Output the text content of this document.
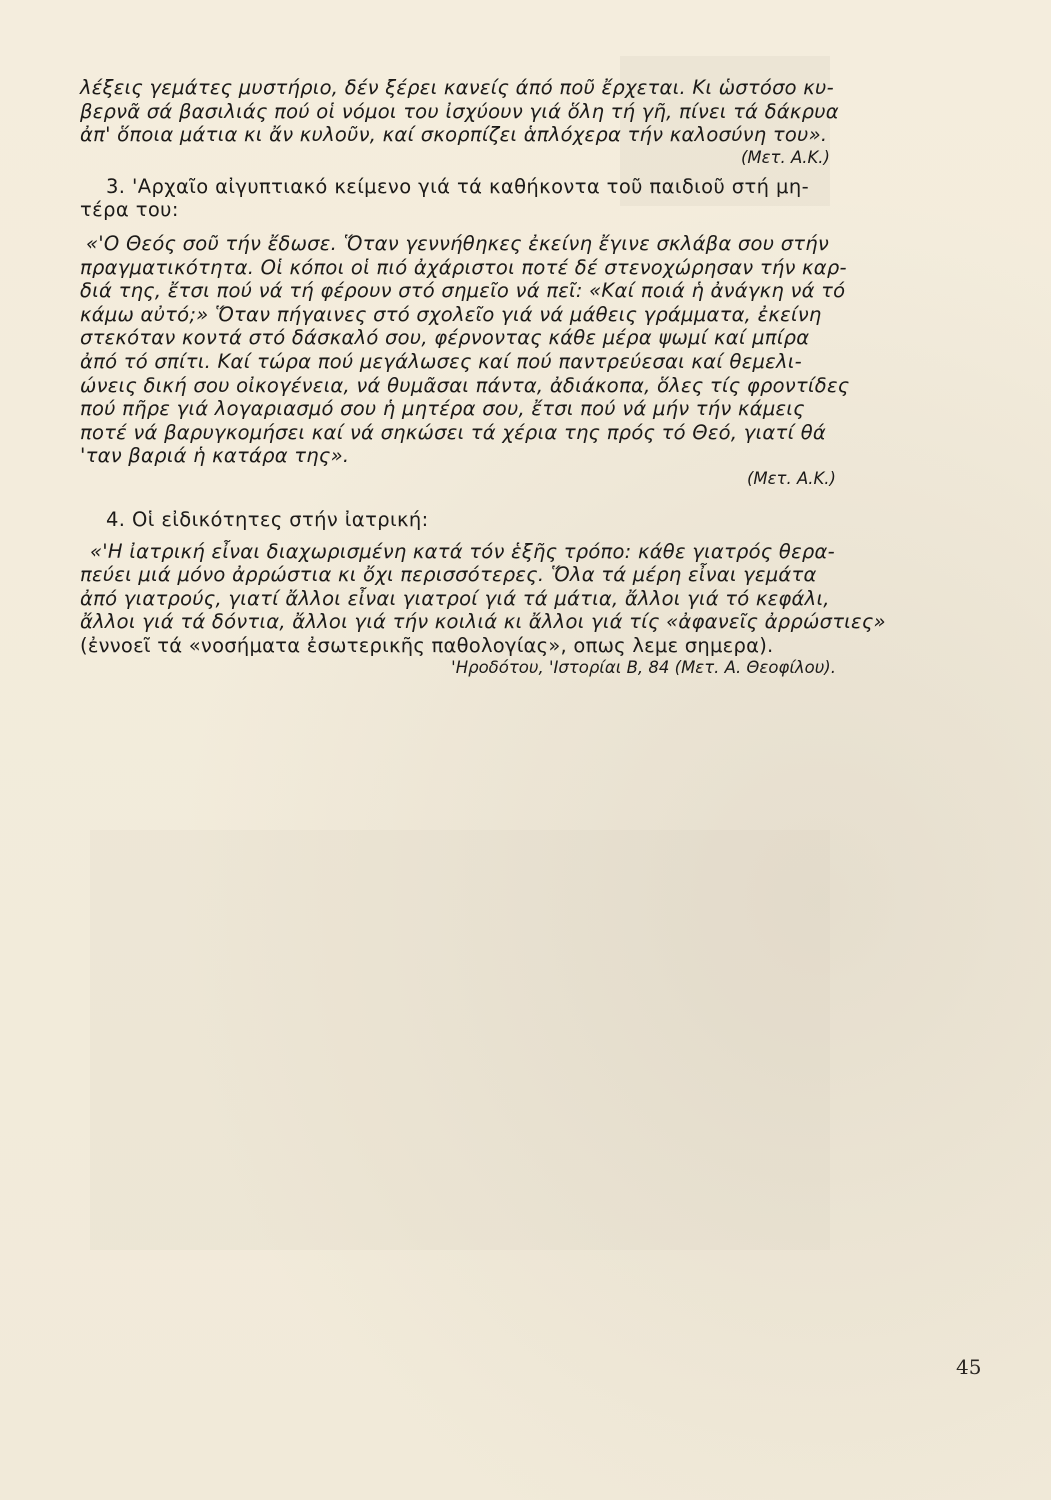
λέξεις γεμάτες μυστήριο, δέν ξέρει κανείς άπό ποῦ ἔρχεται. Κι ὡστόσο κυ-
βερνᾶ σά βασιλιάς πού οἱ νόμοι του ἰσχύουν γιά ὅλη τή γῆ, πίνει τά δάκρυα
ἀπ' ὅποια μάτια κι ἄν κυλοῦν, καί σκορπίζει ἁπλόχερα τήν καλοσύνη του».
(Μετ. Α.Κ.)
3. 'Αρχαῖο αἰγυπτιακό κείμενο γιά τά καθήκοντα τοῦ παιδιοῦ στή μη-
τέρα του:
«'Ο Θεός σοῦ τήν ἔδωσε. Ὅταν γεννήθηκες ἐκείνη ἔγινε σκλάβα σου στήν
πραγματικότητα. Οἱ κόποι οἱ πιό ἀχάριστοι ποτέ δέ στενοχώρησαν τήν καρ-
διά της, ἔτσι πού νά τή φέρουν στό σημεῖο νά πεῖ: «Καί ποιά ἡ ἀνάγκη νά τό
κάμω αὐτό;» Ὅταν πήγαινες στό σχολεῖο γιά νά μάθεις γράμματα, ἐκείνη
στεκόταν κοντά στό δάσκαλό σου, φέρνοντας κάθε μέρα ψωμί καί μπίρα
ἀπό τό σπίτι. Καί τώρα πού μεγάλωσες καί πού παντρεύεσαι καί θεμελι-
ώνεις δική σου οἰκογένεια, νά θυμᾶσαι πάντα, ἀδιάκοπα, ὅλες τίς φροντίδες
πού πῆρε γιά λογαριασμό σου ἡ μητέρα σου, ἔτσι πού νά μήν τήν κάμεις
ποτέ νά βαρυγκομήσει καί νά σηκώσει τά χέρια της πρός τό Θεό, γιατί θά
'ταν βαριά ἡ κατάρα της».
(Μετ. Α.Κ.)
4. Οἱ εἰδικότητες στήν ἰατρική:
«'Η ἰατρική εἶναι διαχωρισμένη κατά τόν ἑξῆς τρόπο: κάθε γιατρός θερα-
πεύει μιά μόνο ἀρρώστια κι ὄχι περισσότερες. Ὅλα τά μέρη εἶναι γεμάτα
ἀπό γιατρούς, γιατί ἄλλοι εἶναι γιατροί γιά τά μάτια, ἄλλοι γιά τό κεφάλι,
ἄλλοι γιά τά δόντια, ἄλλοι γιά τήν κοιλιά κι ἄλλοι γιά τίς «ἀφανεῖς ἀρρώστιες»
(ἐννοεῖ τά «νοσήματα ἐσωτερικῆς παθολογίας», οπως λεμε σημερα).
'Ηροδότου, 'Ιστορίαι Β, 84 (Μετ. Α. Θεοφίλου).
45
